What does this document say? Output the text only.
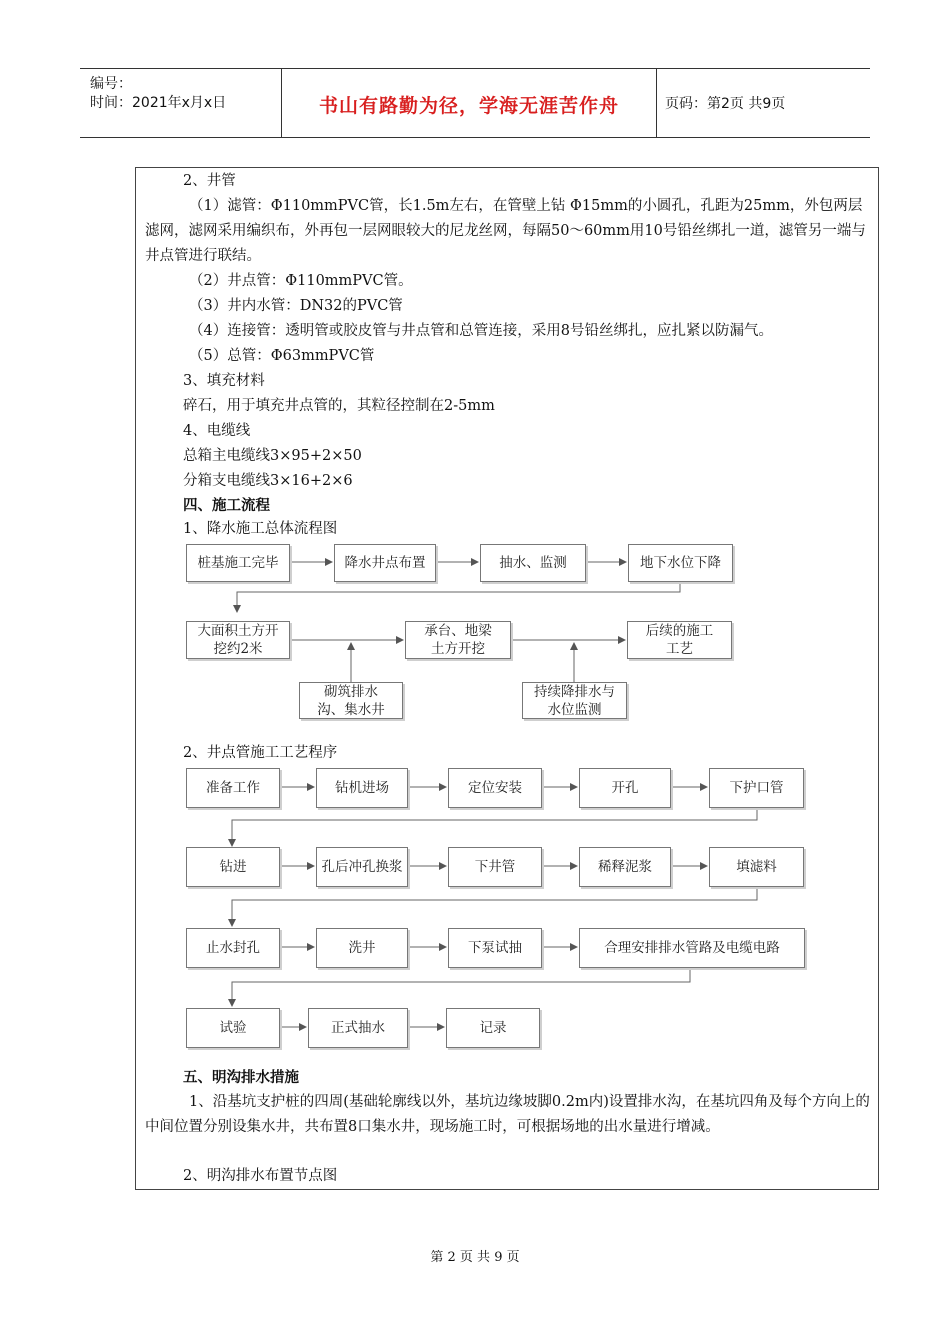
编号：
时间：2021年x月x日	书山有路勤为径，学海无涯苦作舟	页码：第2页 共9页
2、井管
（1）滤管：Φ110mmPVC管，长1.5m左右，在管壁上钻 Φ15mm的小圆孔，孔距为25mm，外包两层滤网，滤网采用编织布，外再包一层网眼较大的尼龙丝网，每隔50～60mm用10号铅丝绑扎一道，滤管另一端与井点管进行联结。
（2）井点管：Φ110mmPVC管。
（3）井内水管：DN32的PVC管
（4）连接管：透明管或胶皮管与井点管和总管连接，采用8号铅丝绑扎，应扎紧以防漏气。
（5）总管：Φ63mmPVC管
3、填充材料
碎石，用于填充井点管的，其粒径控制在2-5mm
4、电缆线
总箱主电缆线3×95+2×50
分箱支电缆线3×16+2×6
四、施工流程
1、降水施工总体流程图
桩基施工完毕	降水井点布置	抽水、监测	地下水位下降
大面积土方开挖约2米
承台、地梁土方开挖
后续的施工工艺
砌筑排水沟、集水井
持续降排水与水位监测
2、井点管施工工艺程序
准备工作	钻机进场	定位安装	开孔	下护口管
钻进	孔后冲孔换浆	下井管	稀释泥浆	填滤料
止水封孔	洗井	下泵试抽	合理安排排水管路及电缆电路
试验	正式抽水	记录
五、明沟排水措施
1、沿基坑支护桩的四周(基础轮廓线以外，基坑边缘坡脚0.2m内)设置排水沟，在基坑四角及每个方向上的中间位置分别设集水井，共布置8口集水井，现场施工时，可根据场地的出水量进行增减。
2、明沟排水布置节点图
第 2 页 共 9 页
